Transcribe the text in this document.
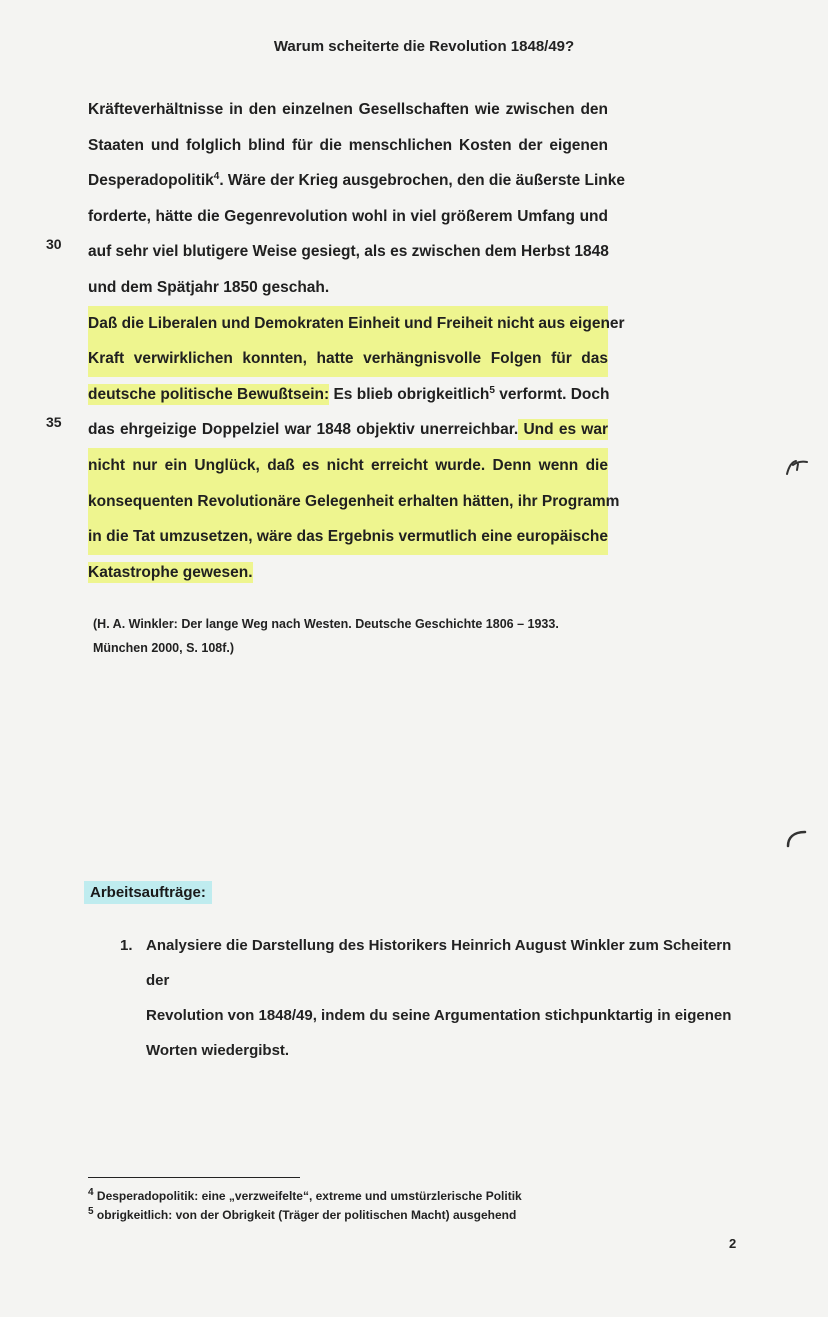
Warum scheiterte die Revolution 1848/49?
30
35
Kräfteverhältnisse in den einzelnen Gesellschaften wie zwischen den
Staaten und folglich blind für die menschlichen Kosten der eigenen
Desperadopolitik$^4$. Wäre der Krieg ausgebrochen, den die äußerste Linke
forderte, hätte die Gegenrevolution wohl in viel größerem Umfang und
auf sehr viel blutigere Weise gesiegt, als es zwischen dem Herbst 1848
und dem Spätjahr 1850 geschah.
Daß die Liberalen und Demokraten Einheit und Freiheit nicht aus eigener
Kraft verwirklichen konnten, hatte verhängnisvolle Folgen für das
deutsche politische Bewußtsein: Es blieb obrigkeitlich$^5$ verformt. Doch
das ehrgeizige Doppelziel war 1848 objektiv unerreichbar. Und es war
nicht nur ein Unglück, daß es nicht erreicht wurde. Denn wenn die
konsequenten Revolutionäre Gelegenheit erhalten hätten, ihr Programm
in die Tat umzusetzen, wäre das Ergebnis vermutlich eine europäische
Katastrophe gewesen.
(H. A. Winkler: Der lange Weg nach Westen. Deutsche Geschichte 1806 – 1933.
München 2000, S. 108f.)
Arbeitsaufträge:
1. Analysiere die Darstellung des Historikers Heinrich August Winkler zum Scheitern der
Revolution von 1848/49, indem du seine Argumentation stichpunktartig in eigenen
Worten wiedergibst.
$^4$ Desperadopolitik: eine „verzweifelte“, extreme und umstürzlerische Politik
$^5$ obrigkeitlich: von der Obrigkeit (Träger der politischen Macht) ausgehend
2
